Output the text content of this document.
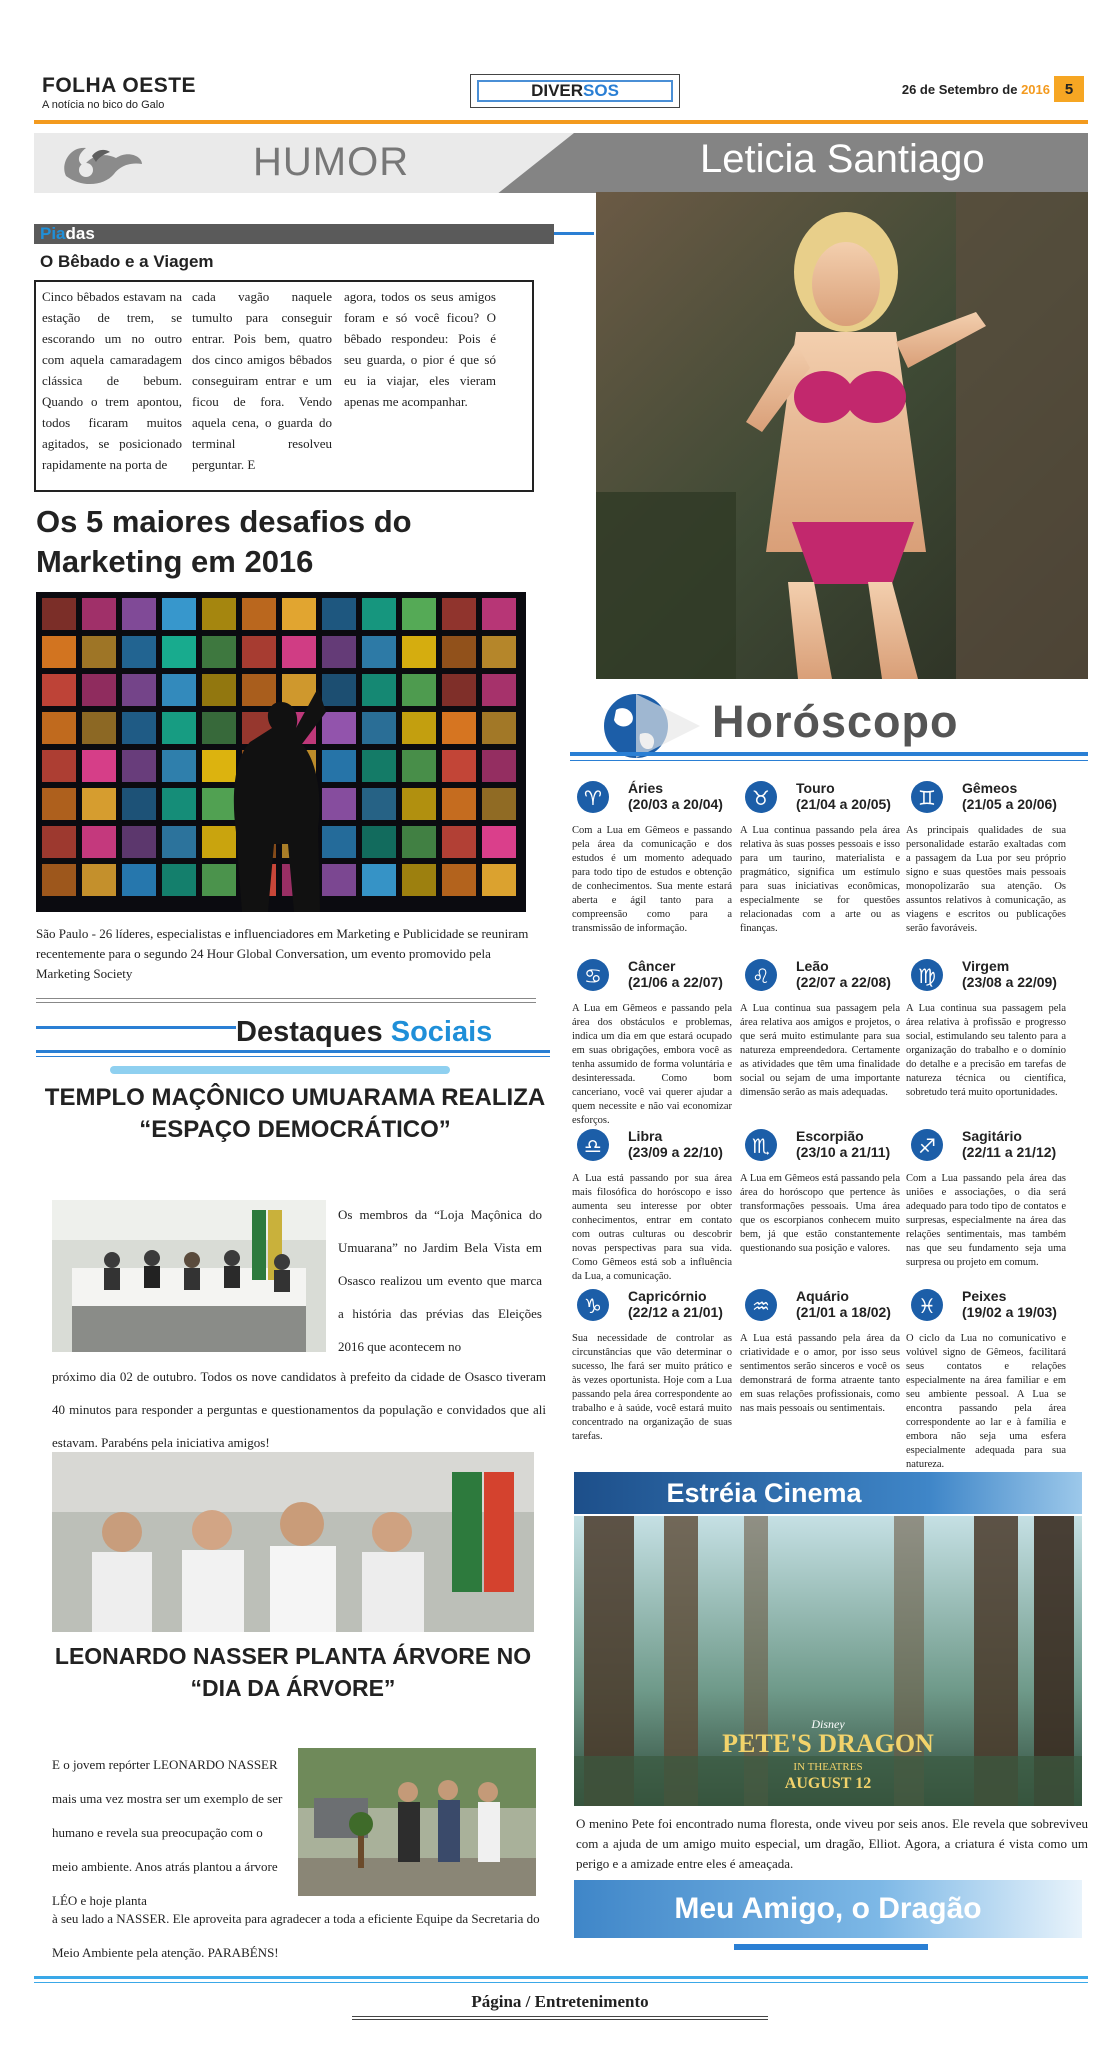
FOLHA OESTE
A notícia no bico do Galo
DIVER SOS	26 de Setembro de 2016 5
HUMOR	Leticia Santiago
Piadas
O Bêbado e a Viagem
Cinco bêbados estavam na estação de trem, se escorando um no outro com aquela camaradagem clássica de bebum. Quando o trem apontou, todos ficaram muitos agitados, se posicionado rapidamente na porta de
cada vagão naquele tumulto para conseguir entrar. Pois bem, quatro dos cinco amigos bêbados conseguiram entrar e um ficou de fora. Vendo aquela cena, o guarda do terminal resolveu perguntar. E
agora, todos os seus amigos foram e só você ficou? O bêbado respondeu: Pois é seu guarda, o pior é que só eu ia viajar, eles vieram apenas me acompanhar.
Os 5 maiores desafios do Marketing em 2016
São Paulo - 26 líderes, especialistas e influenciadores em Marketing e Publicidade se reuniram recentemente para o segundo 24 Hour Global Conversation, um evento promovido pela Marketing Society
Destaques Sociais
TEMPLO MAÇÔNICO UMUARAMA REALIZA “ESPAÇO DEMOCRÁTICO”
Os membros da “Loja Maçônica do Umuarana” no Jardim Bela Vista em Osasco realizou um evento que marca a história das prévias das Eleições 2016 que acontecem no
próximo dia 02 de outubro. Todos os nove candidatos à prefeito da cidade de Osasco tiveram 40 minutos para responder a perguntas e questionamentos da população e convidados que ali estavam. Parabéns pela iniciativa amigos!
LEONARDO NASSER PLANTA ÁRVORE NO “DIA DA ÁRVORE”
E o jovem repórter LEONARDO NASSER mais uma vez mostra ser um exemplo de ser humano e revela sua preocupação com o meio ambiente. Anos atrás plantou a árvore LÉO e hoje planta
à seu lado a NASSER. Ele aproveita para agradecer a toda a eficiente Equipe da Secretaria do Meio Ambiente pela atenção. PARABÉNS!
Horóscopo
♈ Áries
(20/03 a 20/04)
Com a Lua em Gêmeos e passando pela área da comunicação e dos estudos é um momento adequado para todo tipo de estudos e obtenção de conhecimentos. Sua mente estará aberta e ágil tanto para a compreensão como para a transmissão de informação.
♉ Touro
(21/04 a 20/05)
A Lua continua passando pela área relativa às suas posses pessoais e isso para um taurino, materialista e pragmático, significa um estímulo para suas iniciativas econômicas, especialmente se for questões relacionadas com a arte ou as finanças.
♊ Gêmeos
(21/05 a 20/06)
As principais qualidades de sua personalidade estarão exaltadas com a passagem da Lua por seu próprio signo e suas questões mais pessoais monopolizarão sua atenção. Os assuntos relativos à comunicação, as viagens e escritos ou publicações serão favoráveis.
♋ Câncer
(21/06 a 22/07)
A Lua em Gêmeos e passando pela área dos obstáculos e problemas, indica um dia em que estará ocupado em suas obrigações, embora você as tenha assumido de forma voluntária e desinteressada. Como bom canceriano, você vai querer ajudar a quem necessite e não vai economizar esforços.
♌ Leão
(22/07 a 22/08)
A Lua continua sua passagem pela área relativa aos amigos e projetos, o que será muito estimulante para sua natureza empreendedora. Certamente as atividades que têm uma finalidade social ou sejam de uma importante dimensão serão as mais adequadas.
♍ Virgem
(23/08 a 22/09)
A Lua continua sua passagem pela área relativa à profissão e progresso social, estimulando seu talento para a organização do trabalho e o domínio do detalhe e a precisão em tarefas de natureza técnica ou científica, sobretudo terá muito oportunidades.
♎ Libra
(23/09 a 22/10)
A Lua está passando por sua área mais filosófica do horóscopo e isso aumenta seu interesse por obter conhecimentos, entrar em contato com outras culturas ou descobrir novas perspectivas para sua vida. Como Gêmeos está sob a influência da Lua, a comunicação.
♏ Escorpião
(23/10 a 21/11)
A Lua em Gêmeos está passando pela área do horóscopo que pertence às transformações pessoais. Uma área que os escorpianos conhecem muito bem, já que estão constantemente questionando sua posição e valores.
♐ Sagitário
(22/11 a 21/12)
Com a Lua passando pela área das uniões e associações, o dia será adequado para todo tipo de contatos e surpresas, especialmente na área das relações sentimentais, mas também nas que seu fundamento seja uma surpresa ou projeto em comum.
♑ Capricórnio
(22/12 a 21/01)
Sua necessidade de controlar as circunstâncias que vão determinar o sucesso, lhe fará ser muito prático e às vezes oportunista. Hoje com a Lua passando pela área correspondente ao trabalho e à saúde, você estará muito concentrado na organização de suas tarefas.
♒ Aquário
(21/01 a 18/02)
A Lua está passando pela área da criatividade e o amor, por isso seus sentimentos serão sinceros e você os demonstrará de forma atraente tanto em suas relações profissionais, como nas mais pessoais ou sentimentais.
♓ Peixes
(19/02 a 19/03)
O ciclo da Lua no comunicativo e volúvel signo de Gêmeos, facilitará seus contatos e relações especialmente na área familiar e em seu ambiente pessoal. A Lua se encontra passando pela área correspondente ao lar e à família e embora não seja uma esfera especialmente adequada para sua natureza.
Estréia Cinema
Disney
PETE'S DRAGON
IN THEATRES
AUGUST 12
O menino Pete foi encontrado numa floresta, onde viveu por seis anos. Ele revela que sobreviveu com a ajuda de um amigo muito especial, um dragão, Elliot. Agora, a criatura é vista como um perigo e a amizade entre eles é ameaçada.
Meu Amigo, o Dragão
Página / Entretenimento
